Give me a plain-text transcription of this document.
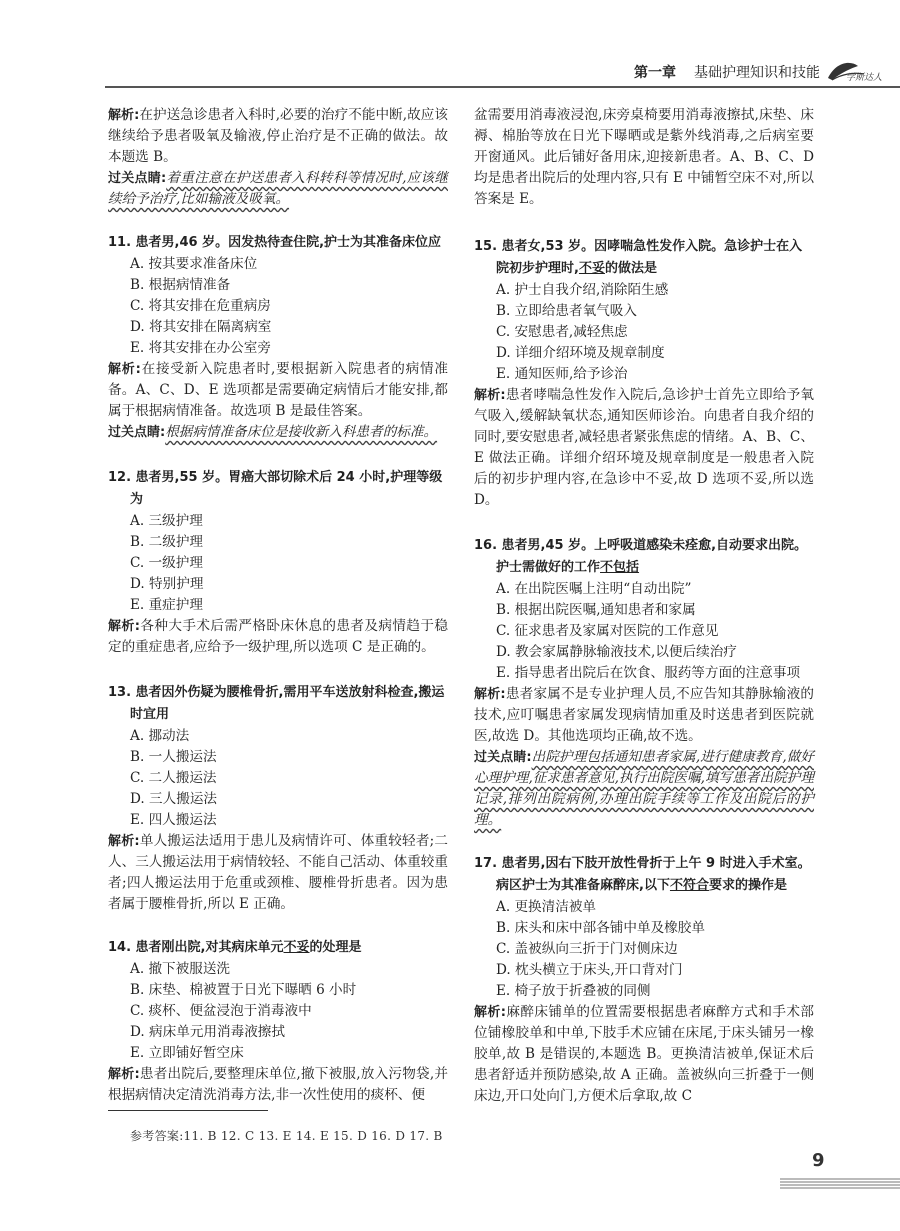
第一章 基础护理知识和技能	学斯达人

解析:在护送急诊患者入科时,必要的治疗不能中断,故应该继续给予患者吸氧及输液,停止治疗是不正确的做法。故本题选 B。

过关点睛:着重注意在护送患者入科转科等情况时,应该继续给予治疗,比如输液及吸氧。

11. 患者男,46 岁。因发热待查住院,护士为其准备床位应

A. 按其要求准备床位

B. 根据病情准备

C. 将其安排在危重病房

D. 将其安排在隔离病室

E. 将其安排在办公室旁

解析:在接受新入院患者时,要根据新入院患者的病情准备。A、C、D、E 选项都是需要确定病情后才能安排,都属于根据病情准备。故选项 B 是最佳答案。

过关点睛:根据病情准备床位是接收新入科患者的标准。

12. 患者男,55 岁。胃癌大部切除术后 24 小时,护理等级为

A. 三级护理

B. 二级护理

C. 一级护理

D. 特别护理

E. 重症护理

解析:各种大手术后需严格卧床休息的患者及病情趋于稳定的重症患者,应给予一级护理,所以选项 C 是正确的。

13. 患者因外伤疑为腰椎骨折,需用平车送放射科检查,搬运时宜用

A. 挪动法

B. 一人搬运法

C. 二人搬运法

D. 三人搬运法

E. 四人搬运法

解析:单人搬运法适用于患儿及病情许可、体重较轻者;二人、三人搬运法用于病情较轻、不能自己活动、体重较重者;四人搬运法用于危重或颈椎、腰椎骨折患者。因为患者属于腰椎骨折,所以 E 正确。

14. 患者刚出院,对其病床单元不妥的处理是

A. 撤下被服送洗

B. 床垫、棉被置于日光下曝晒 6 小时

C. 痰杯、便盆浸泡于消毒液中

D. 病床单元用消毒液擦拭

E. 立即铺好暂空床

解析:患者出院后,要整理床单位,撤下被服,放入污物袋,并根据病情决定清洗消毒方法,非一次性使用的痰杯、便

盆需要用消毒液浸泡,床旁桌椅要用消毒液擦拭,床垫、床褥、棉胎等放在日光下曝晒或是紫外线消毒,之后病室要开窗通风。此后铺好备用床,迎接新患者。A、B、C、D 均是患者出院后的处理内容,只有 E 中铺暂空床不对,所以答案是 E。

15. 患者女,53 岁。因哮喘急性发作入院。急诊护士在入院初步护理时,不妥的做法是

A. 护士自我介绍,消除陌生感

B. 立即给患者氧气吸入

C. 安慰患者,减轻焦虑

D. 详细介绍环境及规章制度

E. 通知医师,给予诊治

解析:患者哮喘急性发作入院后,急诊护士首先立即给予氧气吸入,缓解缺氧状态,通知医师诊治。向患者自我介绍的同时,要安慰患者,减轻患者紧张焦虑的情绪。A、B、C、E 做法正确。详细介绍环境及规章制度是一般患者入院后的初步护理内容,在急诊中不妥,故 D 选项不妥,所以选 D。

16. 患者男,45 岁。上呼吸道感染未痊愈,自动要求出院。护士需做好的工作不包括

A. 在出院医嘱上注明“自动出院”

B. 根据出院医嘱,通知患者和家属

C. 征求患者及家属对医院的工作意见

D. 教会家属静脉输液技术,以便后续治疗

E. 指导患者出院后在饮食、服药等方面的注意事项

解析:患者家属不是专业护理人员,不应告知其静脉输液的技术,应叮嘱患者家属发现病情加重及时送患者到医院就医,故选 D。其他选项均正确,故不选。

过关点睛:出院护理包括通知患者家属,进行健康教育,做好心理护理,征求患者意见,执行出院医嘱,填写患者出院护理记录,排列出院病例,办理出院手续等工作及出院后的护理。

17. 患者男,因右下肢开放性骨折于上午 9 时进入手术室。病区护士为其准备麻醉床,以下不符合要求的操作是

A. 更换清洁被单

B. 床头和床中部各铺中单及橡胶单

C. 盖被纵向三折于门对侧床边

D. 枕头横立于床头,开口背对门

E. 椅子放于折叠被的同侧

解析:麻醉床铺单的位置需要根据患者麻醉方式和手术部位铺橡胶单和中单,下肢手术应铺在床尾,于床头铺另一橡胶单,故 B 是错误的,本题选 B。更换清洁被单,保证术后患者舒适并预防感染,故 A 正确。盖被纵向三折叠于一侧床边,开口处向门,方便术后拿取,故 C

参考答案:11. B 12. C 13. E 14. E 15. D 16. D 17. B
9
